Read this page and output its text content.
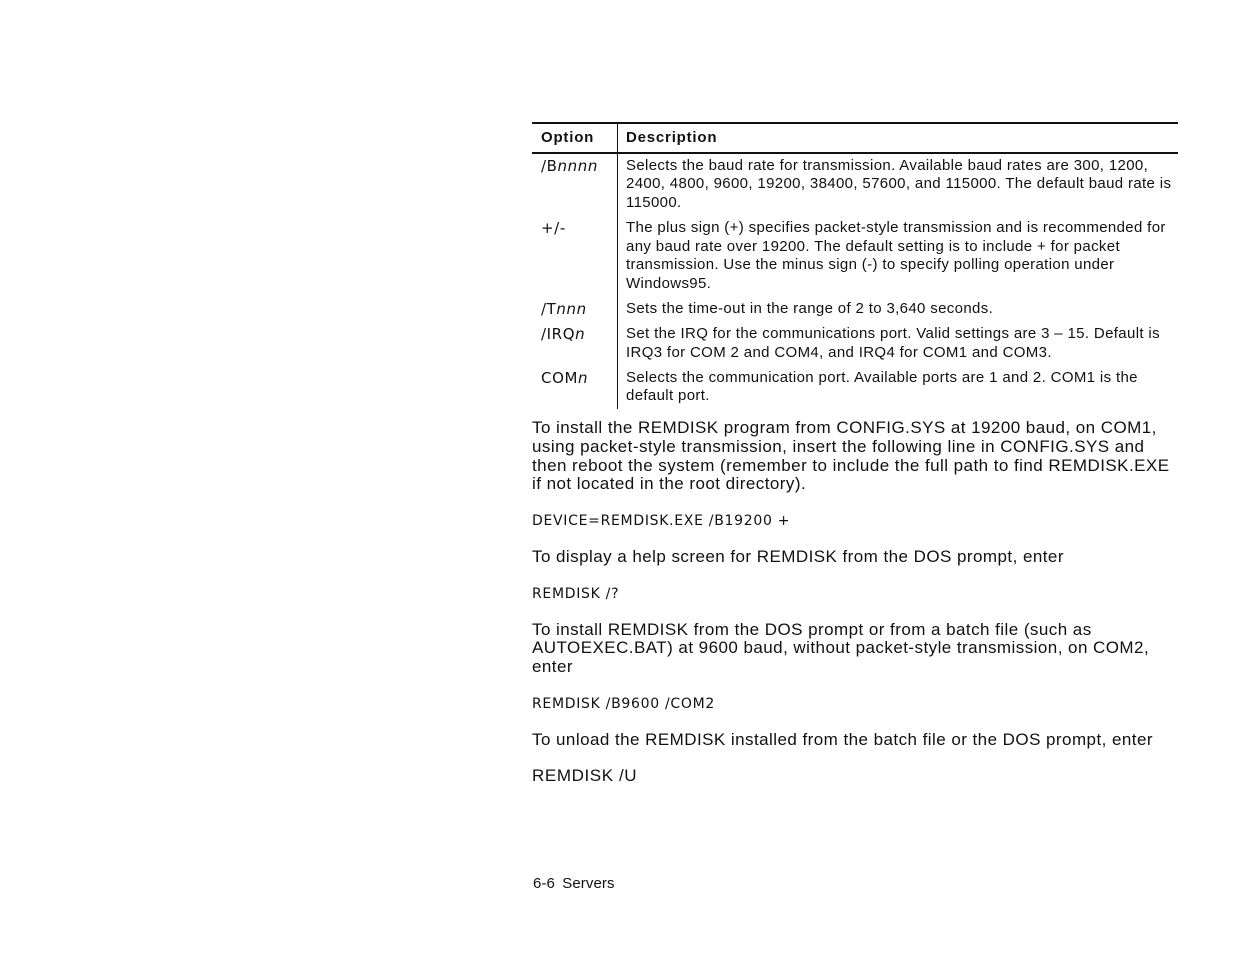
Option	Description
/Bnnnn	Selects the baud rate for transmission. Available baud rates are 300, 1200, 2400, 4800, 9600, 19200, 38400, 57600, and 115000. The default baud rate is 115000.
+/-	The plus sign (+) specifies packet-style transmission and is recommended for any baud rate over 19200. The default setting is to include + for packet transmission. Use the minus sign (-) to specify polling operation under Windows95.
/Tnnn	Sets the time-out in the range of 2 to 3,640 seconds.
/IRQn	Set the IRQ for the communications port. Valid settings are 3 – 15. Default is IRQ3 for COM 2 and COM4, and IRQ4 for COM1 and COM3.
COMn	Selects the communication port. Available ports are 1 and 2. COM1 is the default port.

To install the REMDISK program from CONFIG.SYS at 19200 baud, on COM1, using packet-style transmission, insert the following line in CONFIG.SYS and then reboot the system (remember to include the full path to find REMDISK.EXE if not located in the root directory).

DEVICE=REMDISK.EXE /B19200 +

To display a help screen for REMDISK from the DOS prompt, enter

REMDISK /?

To install REMDISK from the DOS prompt or from a batch file (such as AUTOEXEC.BAT) at 9600 baud, without packet-style transmission, on COM2, enter

REMDISK /B9600 /COM2

To unload the REMDISK installed from the batch file or the DOS prompt, enter

REMDISK /U

6-6 Servers
